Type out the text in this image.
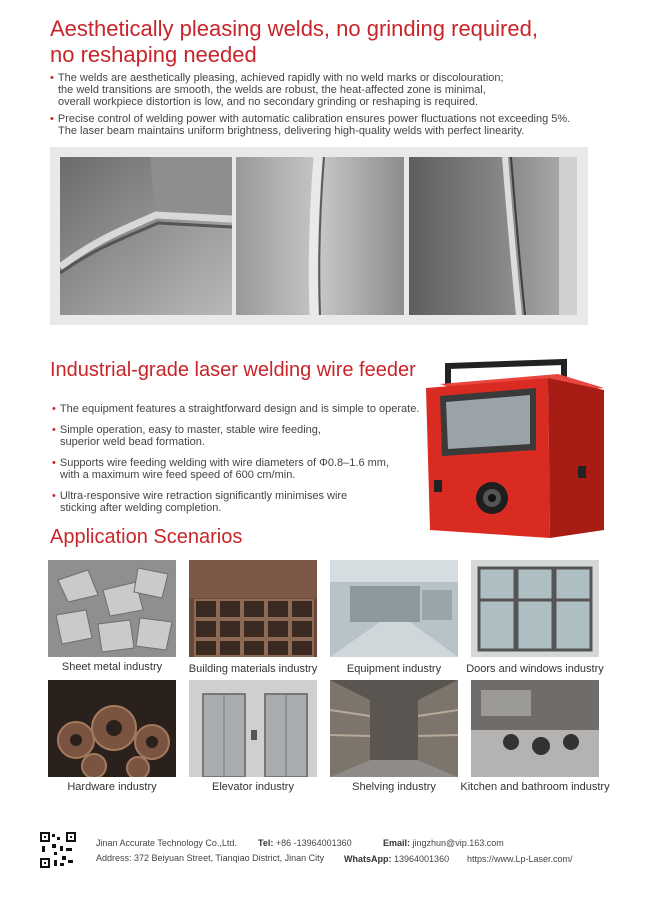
Aesthetically pleasing welds, no grinding required,
no reshaping needed
• The welds are aesthetically pleasing, achieved rapidly with no weld marks or discolouration;
the weld transitions are smooth, the welds are robust, the heat-affected zone is minimal,
overall workpiece distortion is low, and no secondary grinding or reshaping is required.
• Precise control of welding power with automatic calibration ensures power fluctuations not exceeding 5%.
The laser beam maintains uniform brightness, delivering high-quality welds with perfect linearity.
Industrial-grade laser welding wire feeder
• The equipment features a straightforward design and is simple to operate.
• Simple operation, easy to master, stable wire feeding,
superior weld bead formation.
• Supports wire feeding welding with wire diameters of Φ0.8–1.6 mm,
with a maximum wire feed speed of 600 cm/min.
• Ultra-responsive wire retraction significantly minimises wire
sticking after welding completion.
Application Scenarios
Sheet metal industry	Building materials industry	Equipment industry	Doors and windows industry
Hardware industry	Elevator industry	Shelving industry	Kitchen and bathroom industry
Jinan Accurate Technology Co.,Ltd.
Address: 372 Beiyuan Street, Tianqiao District, Jinan City
Tel: +86 -13964001360	Email: jingzhun@vip.163.com
WhatsApp: 13964001360 https://www.Lp-Laser.com/
